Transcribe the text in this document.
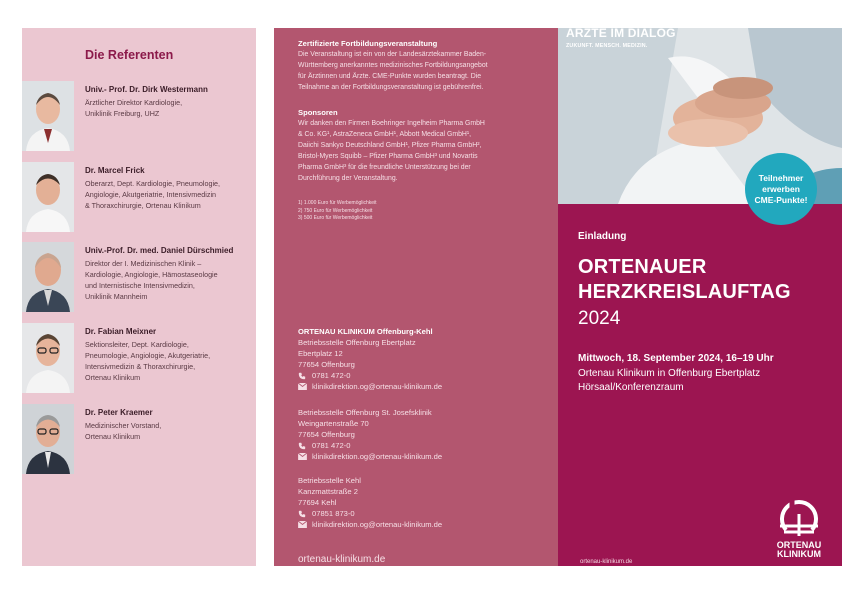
Die Referenten
Univ.- Prof. Dr. Dirk Westermann
Ärztlicher Direktor Kardiologie,
Uniklinik Freiburg, UHZ
Dr. Marcel Frick
Oberarzt, Dept. Kardiologie, Pneumologie,
Angiologie, Akutgeriatrie, Intensivmedizin
& Thoraxchirurgie, Ortenau Klinikum
Univ.-Prof. Dr. med. Daniel Dürschmied
Direktor der I. Medizinischen Klinik –
Kardiologie, Angiologie, Hämostaseologie
und Internistische Intensivmedizin,
Uniklinik Mannheim
Dr. Fabian Meixner
Sektionsleiter, Dept. Kardiologie,
Pneumologie, Angiologie, Akutgeriatrie,
Intensivmedizin & Thoraxchirurgie,
Ortenau Klinikum
Dr. Peter Kraemer
Medizinischer Vorstand,
Ortenau Klinikum
Zertifizierte Fortbildungsveranstaltung
Die Veranstaltung ist ein von der Landesärztekammer Baden-
Württemberg anerkanntes medizinisches Fortbildungsangebot
für Ärztinnen und Ärzte. CME-Punkte wurden beantragt. Die
Teilnahme an der Fortbildungsveranstaltung ist gebührenfrei.
Sponsoren
Wir danken den Firmen Boehringer Ingelheim Pharma GmbH
& Co. KG¹, AstraZeneca GmbH¹, Abbott Medical GmbH¹,
Daiichi Sankyo Deutschland GmbH¹, Pfizer Pharma GmbH²,
Bristol-Myers Squibb – Pfizer Pharma GmbH³ und Novartis
Pharma GmbH³ für die freundliche Unterstützung bei der
Durchführung der Veranstaltung.
1) 1.000 Euro für Werbemöglichkeit
2) 750 Euro für Werbemöglichkeit
3) 500 Euro für Werbemöglichkeit
ORTENAU KLINIKUM Offenburg-Kehl
Betriebsstelle Offenburg Ebertplatz
Ebertplatz 12
77654 Offenburg
0781 472-0
klinikdirektion.og@ortenau-klinikum.de
Betriebsstelle Offenburg St. Josefsklinik
Weingartenstraße 70
77654 Offenburg
0781 472-0
klinikdirektion.og@ortenau-klinikum.de
Betriebsstelle Kehl
Kanzmattstraße 2
77694 Kehl
07851 873-0
klinikdirektion.og@ortenau-klinikum.de
ortenau-klinikum.de
ZERTIFIZIERTE FORTBILDUNGEN
ÄRZTE IM DIALOG
ZUKUNFT. MENSCH. MEDIZIN.
Teilnehmer
erwerben
CME-Punkte!
Einladung
ORTENAUER
HERZKREISLAUFTAG
2024
Mittwoch, 18. September 2024, 16–19 Uhr
Ortenau Klinikum in Offenburg Ebertplatz
Hörsaal/Konferenzraum
ORTENAU
KLINIKUM
ortenau-klinikum.de
